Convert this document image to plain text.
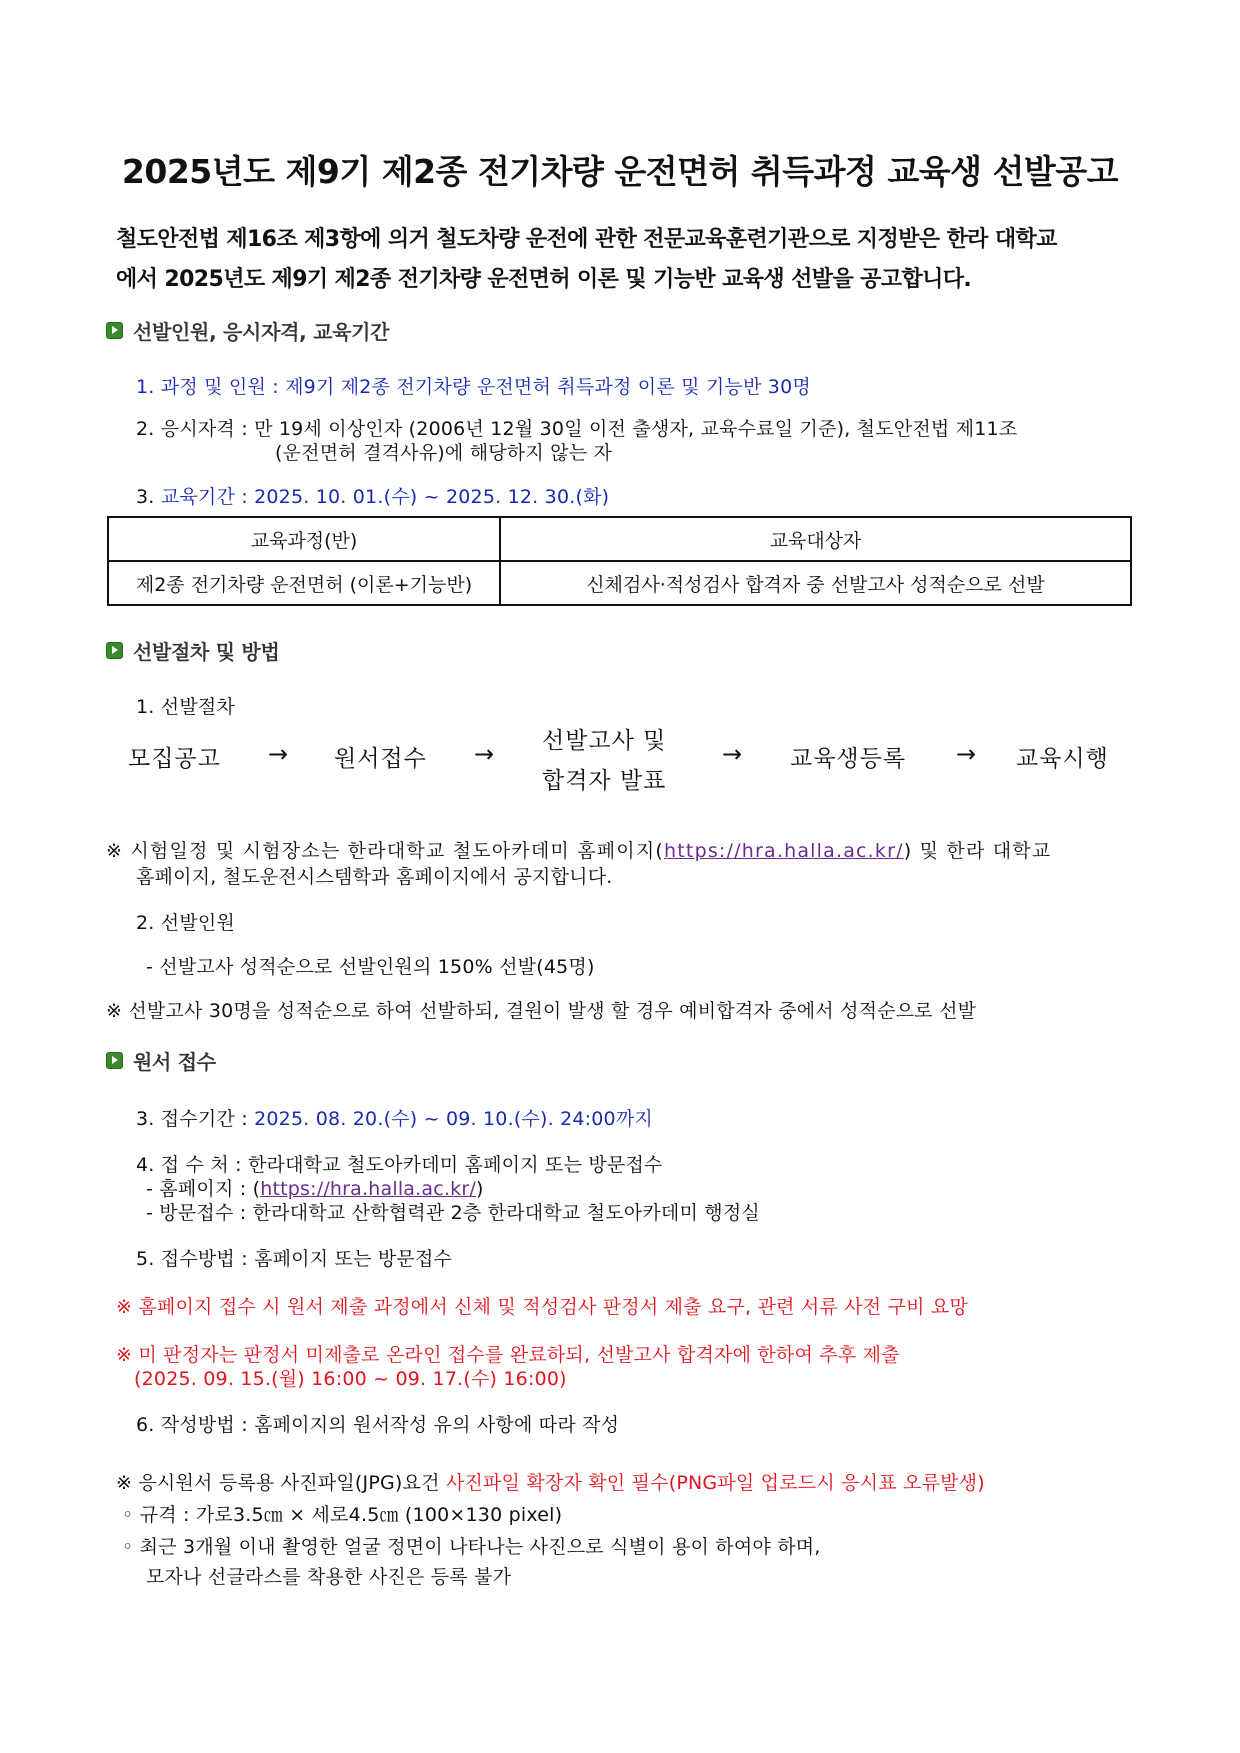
2025년도 제9기 제2종 전기차량 운전면허 취득과정 교육생 선발공고
철도안전법 제16조 제3항에 의거 철도차량 운전에 관한 전문교육훈련기관으로 지정받은 한라 대학교
에서 2025년도 제9기 제2종 전기차량 운전면허 이론 및 기능반 교육생 선발을 공고합니다.
선발인원, 응시자격, 교육기간
1. 과정 및 인원 : 제9기 제2종 전기차량 운전면허 취득과정 이론 및 기능반 30명
2. 응시자격 : 만 19세 이상인자 (2006년 12월 30일 이전 출생자, 교육수료일 기준), 철도안전법 제11조
(운전면허 결격사유)에 해당하지 않는 자
3. 교육기간 : 2025. 10. 01.(수) ~ 2025. 12. 30.(화)
교육과정(반)	교육대상자
제2종 전기차량 운전면허 (이론+기능반)	신체검사·적성검사 합격자 중 선발고사 성적순으로 선발
선발절차 및 방법
1. 선발절차
모집공고 → 원서접수 → 선발고사 및
합격자 발표
→ 교육생등록 → 교육시행
※ 시험일정 및 시험장소는 한라대학교 철도아카데미 홈페이지(https://hra.halla.ac.kr/) 및 한라 대학교
홈페이지, 철도운전시스템학과 홈페이지에서 공지합니다.
2. 선발인원
- 선발고사 성적순으로 선발인원의 150% 선발(45명)
※ 선발고사 30명을 성적순으로 하여 선발하되, 결원이 발생 할 경우 예비합격자 중에서 성적순으로 선발
원서 접수
3. 접수기간 : 2025. 08. 20.(수) ~ 09. 10.(수). 24:00까지
4. 접 수 처 : 한라대학교 철도아카데미 홈페이지 또는 방문접수
- 홈페이지 : (https://hra.halla.ac.kr/)
- 방문접수 : 한라대학교 산학협력관 2층 한라대학교 철도아카데미 행정실
5. 접수방법 : 홈페이지 또는 방문접수
※ 홈페이지 접수 시 원서 제출 과정에서 신체 및 적성검사 판정서 제출 요구, 관련 서류 사전 구비 요망
※ 미 판정자는 판정서 미제출로 온라인 접수를 완료하되, 선발고사 합격자에 한하여 추후 제출
(2025. 09. 15.(월) 16:00 ~ 09. 17.(수) 16:00)
6. 작성방법 : 홈페이지의 원서작성 유의 사항에 따라 작성
※ 응시원서 등록용 사진파일(JPG)요건 사진파일 확장자 확인 필수(PNG파일 업로드시 응시표 오류발생)
◦ 규격 : 가로3.5㎝ × 세로4.5㎝ (100×130 pixel)
◦ 최근 3개월 이내 촬영한 얼굴 정면이 나타나는 사진으로 식별이 용이 하여야 하며,
모자나 선글라스를 착용한 사진은 등록 불가
